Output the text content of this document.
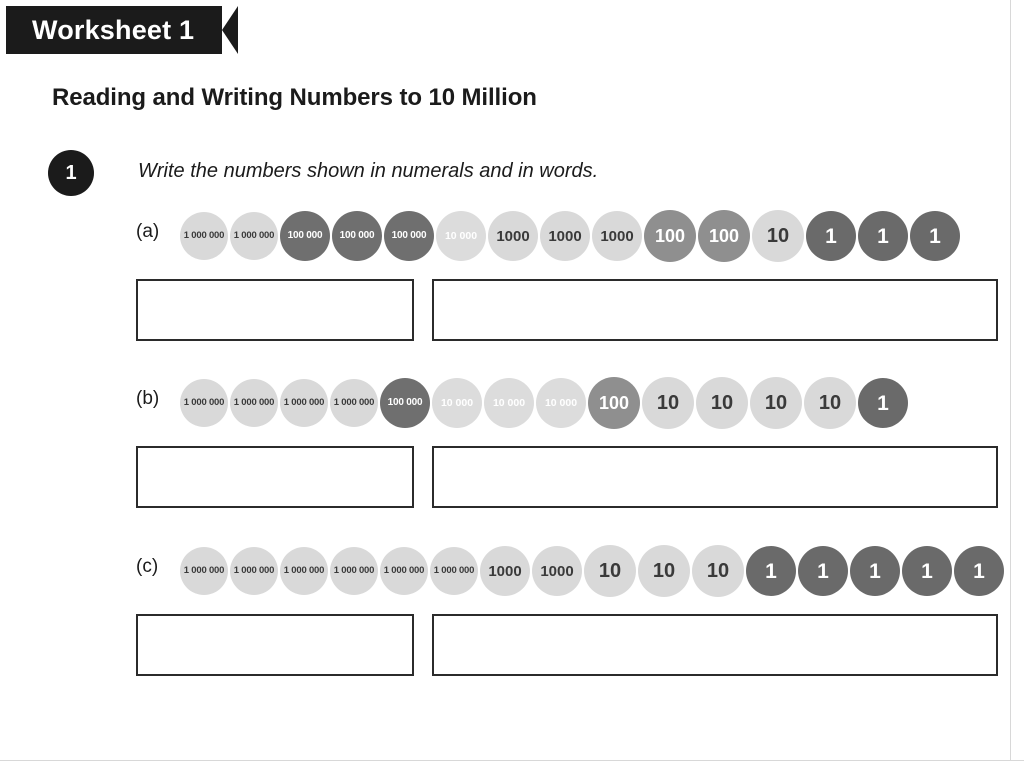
Worksheet 1
Reading and Writing Numbers to 10 Million
1	Write the numbers shown in numerals and in words.
(a)	1 000 000	1 000 000	100 000	100 000	100 000	10 000	1000	1000	1000	100	100	10	1	1	1
(b)	1 000 000	1 000 000	1 000 000	1 000 000	100 000	10 000	10 000	10 000	100	10	10	10	10	1
(c)	1 000 000	1 000 000	1 000 000	1 000 000	1 000 000	1 000 000 1000	1000	10	10	10	1	1	1	1	1
